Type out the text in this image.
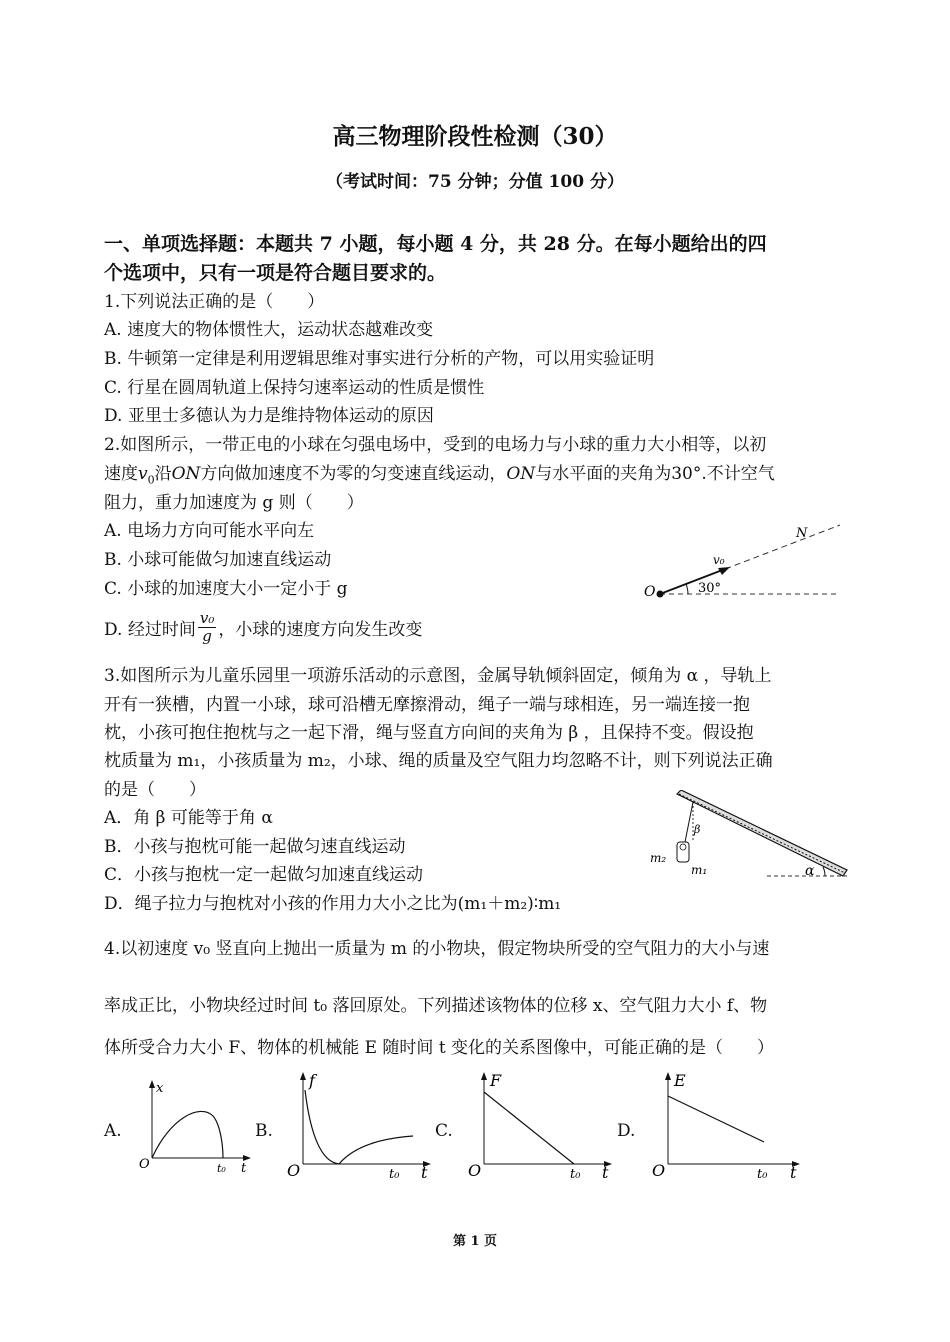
高三物理阶段性检测（30）
（考试时间：75 分钟；分值 100 分）
一、单项选择题：本题共 7 小题，每小题 4 分，共 28 分。在每小题给出的四
个选项中，只有一项是符合题目要求的。
1.下列说法正确的是（　　）
A. 速度大的物体惯性大，运动状态越难改变
B. 牛顿第一定律是利用逻辑思维对事实进行分析的产物，可以用实验证明
C. 行星在圆周轨道上保持匀速率运动的性质是惯性
D. 亚里士多德认为力是维持物体运动的原因
2.如图所示，一带正电的小球在匀强电场中，受到的电场力与小球的重力大小相等，以初
速度$v_0$沿ON方向做加速度不为零的匀变速直线运动，ON与水平面的夹角为30°.不计空气
阻力，重力加速度为 g 则（　　）
A. 电场力方向可能水平向左
B. 小球可能做匀加速直线运动
C. 小球的加速度大小一定小于 g
D. 经过时间 $\frac{\text{v₀}}{g}$ ，小球的速度方向发生改变
O
N
v₀
30°
3.如图所示为儿童乐园里一项游乐活动的示意图，金属导轨倾斜固定，倾角为 α ，导轨上
开有一狭槽，内置一小球，球可沿槽无摩擦滑动，绳子一端与球相连，另一端连接一抱
枕，小孩可抱住抱枕与之一起下滑，绳与竖直方向间的夹角为 β ，且保持不变。假设抱
枕质量为 m₁，小孩质量为 m₂，小球、绳的质量及空气阻力均忽略不计，则下列说法正确
的是（　　）
A．角 β 可能等于角 α
B．小孩与抱枕可能一起做匀速直线运动
C．小孩与抱枕一定一起做匀加速直线运动
D．绳子拉力与抱枕对小孩的作用力大小之比为(m₁＋m₂)∶m₁
β
α
m₂
m₁
4.以初速度 v₀ 竖直向上抛出一质量为 m 的小物块，假定物块所受的空气阻力的大小与速
率成正比，小物块经过时间 t₀ 落回原处。下列描述该物体的位移 x、空气阻力大小 f、物
体所受合力大小 F、物体的机械能 E 随时间 t 变化的关系图像中，可能正确的是（　　）
A.	B.	C.	D.
O
x
t
t₀	O
f
t
t₀	O
F
t
t₀	O
E
t
t₀
第 1 页
